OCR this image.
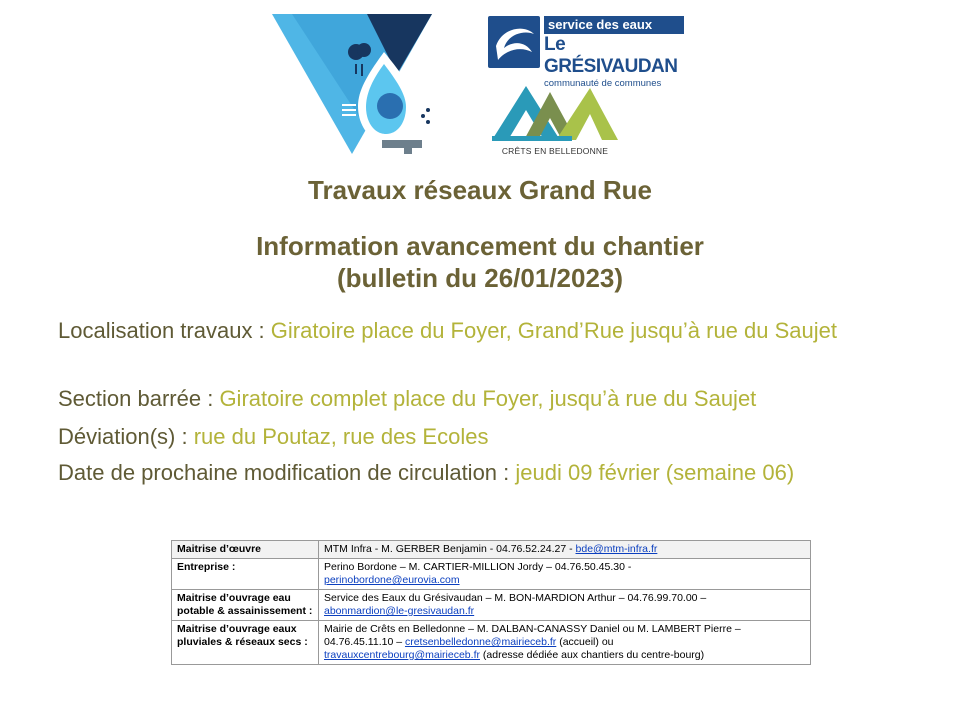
service des eaux
Le GRÉSIVAUDAN
communauté de communes
CRÊTS EN BELLEDONNE
Travaux réseaux Grand Rue
Information avancement du chantier
(bulletin du 26/01/2023)
Localisation travaux : Giratoire place du Foyer, Grand’Rue jusqu’à rue du Saujet
Section barrée : Giratoire complet place du Foyer, jusqu’à rue du Saujet
Déviation(s) : rue du Poutaz, rue des Ecoles
Date de prochaine modification de circulation : jeudi 09 février (semaine 06)
Maitrise d’œuvre	MTM Infra - M. GERBER Benjamin - 04.76.52.24.27 - bde@mtm-infra.fr
Entreprise :	Perino Bordone – M. CARTIER-MILLION Jordy – 04.76.50.45.30 -
perinobordone@eurovia.com
Maitrise d’ouvrage eau potable & assainissement :	Service des Eaux du Grésivaudan – M. BON-MARDION Arthur – 04.76.99.70.00 –
abonmardion@le-gresivaudan.fr
Maitrise d’ouvrage eaux pluviales & réseaux secs :	Mairie de Crêts en Belledonne – M. DALBAN-CANASSY Daniel ou M. LAMBERT Pierre – 04.76.45.11.10 – cretsenbelledonne@mairieceb.fr (accueil) ou
travauxcentrebourg@mairieceb.fr (adresse dédiée aux chantiers du centre-bourg)
